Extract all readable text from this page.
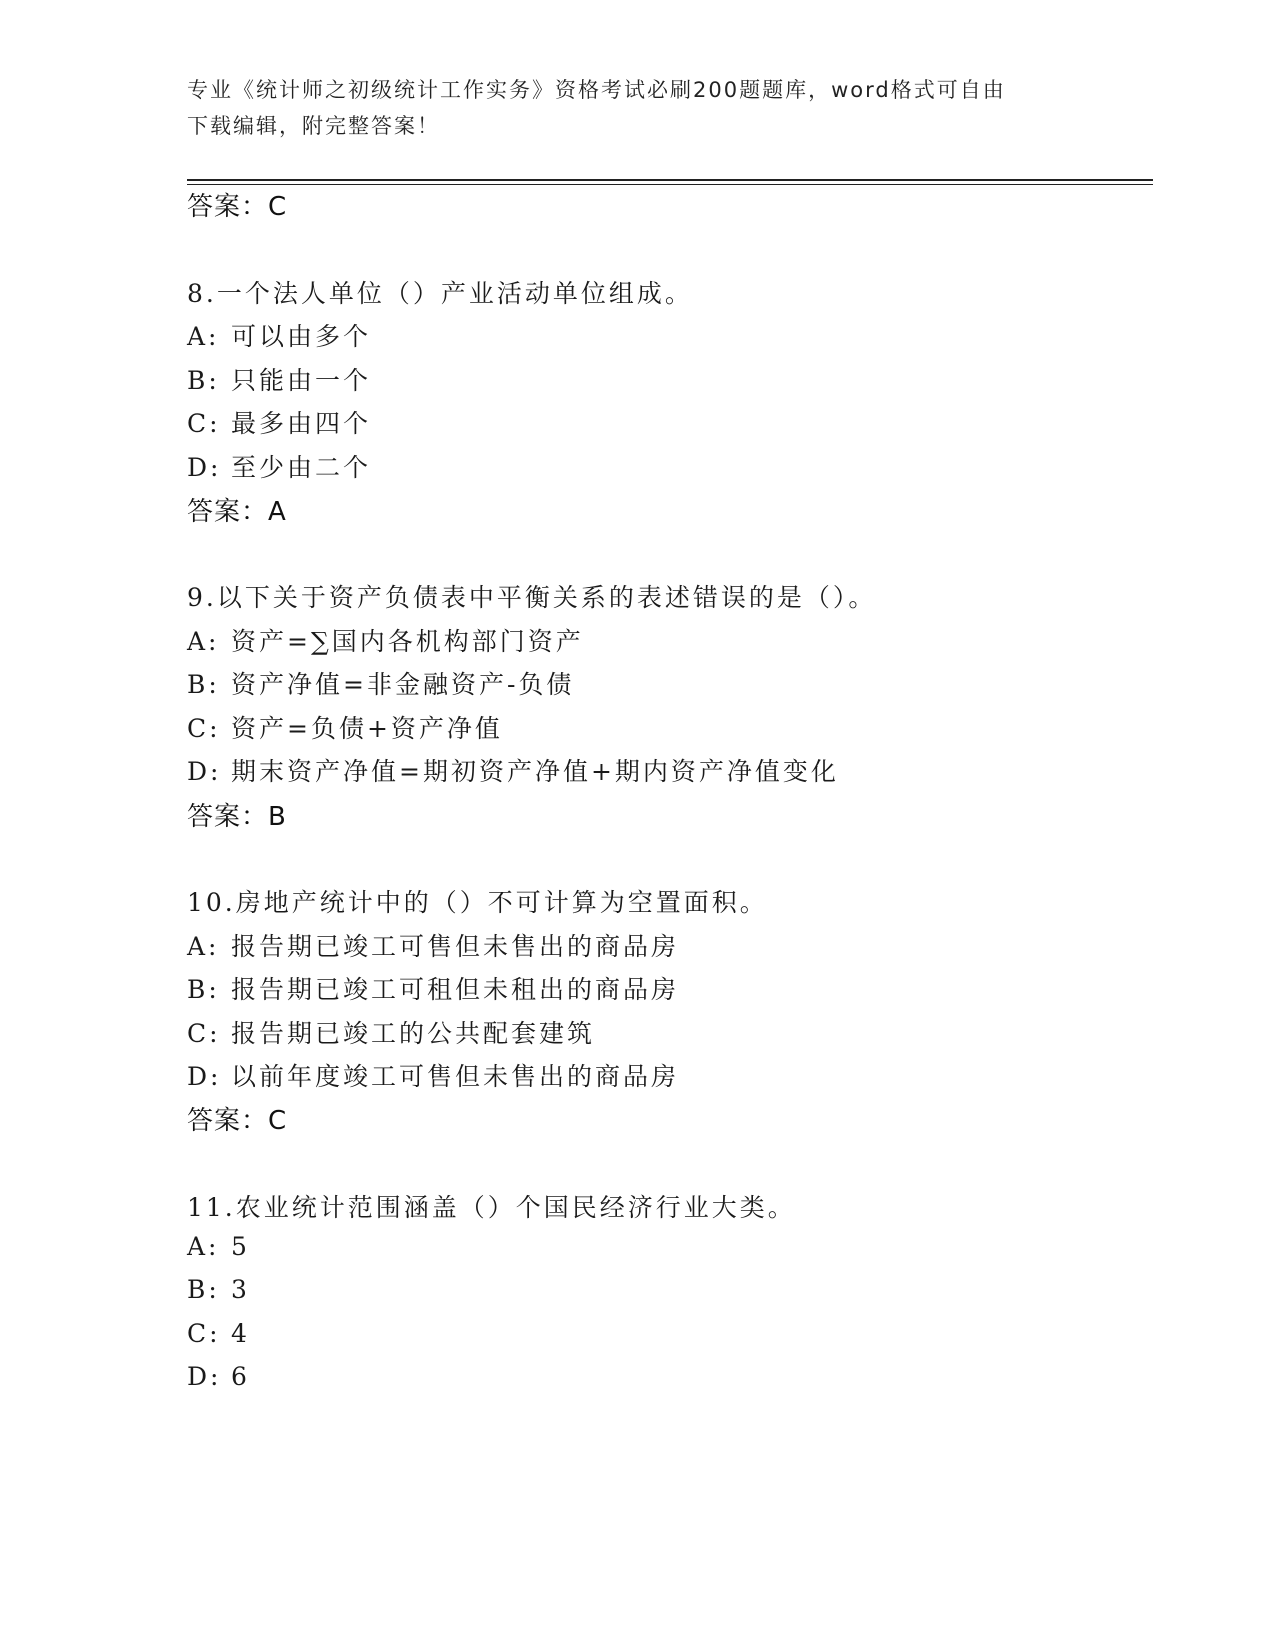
专业《统计师之初级统计工作实务》资格考试必刷200题题库，word格式可自由
下载编辑，附完整答案！
答案：C
8.一个法人单位（）产业活动单位组成。
A: 可以由多个
B: 只能由一个
C: 最多由四个
D: 至少由二个
答案：A
9.以下关于资产负债表中平衡关系的表述错误的是（）。
A: 资产=∑国内各机构部门资产
B: 资产净值=非金融资产-负债
C: 资产=负债+资产净值
D: 期末资产净值=期初资产净值+期内资产净值变化
答案：B
10.房地产统计中的（）不可计算为空置面积。
A: 报告期已竣工可售但未售出的商品房
B: 报告期已竣工可租但未租出的商品房
C: 报告期已竣工的公共配套建筑
D: 以前年度竣工可售但未售出的商品房
答案：C
11.农业统计范围涵盖（）个国民经济行业大类。
A: 5
B: 3
C: 4
D: 6
